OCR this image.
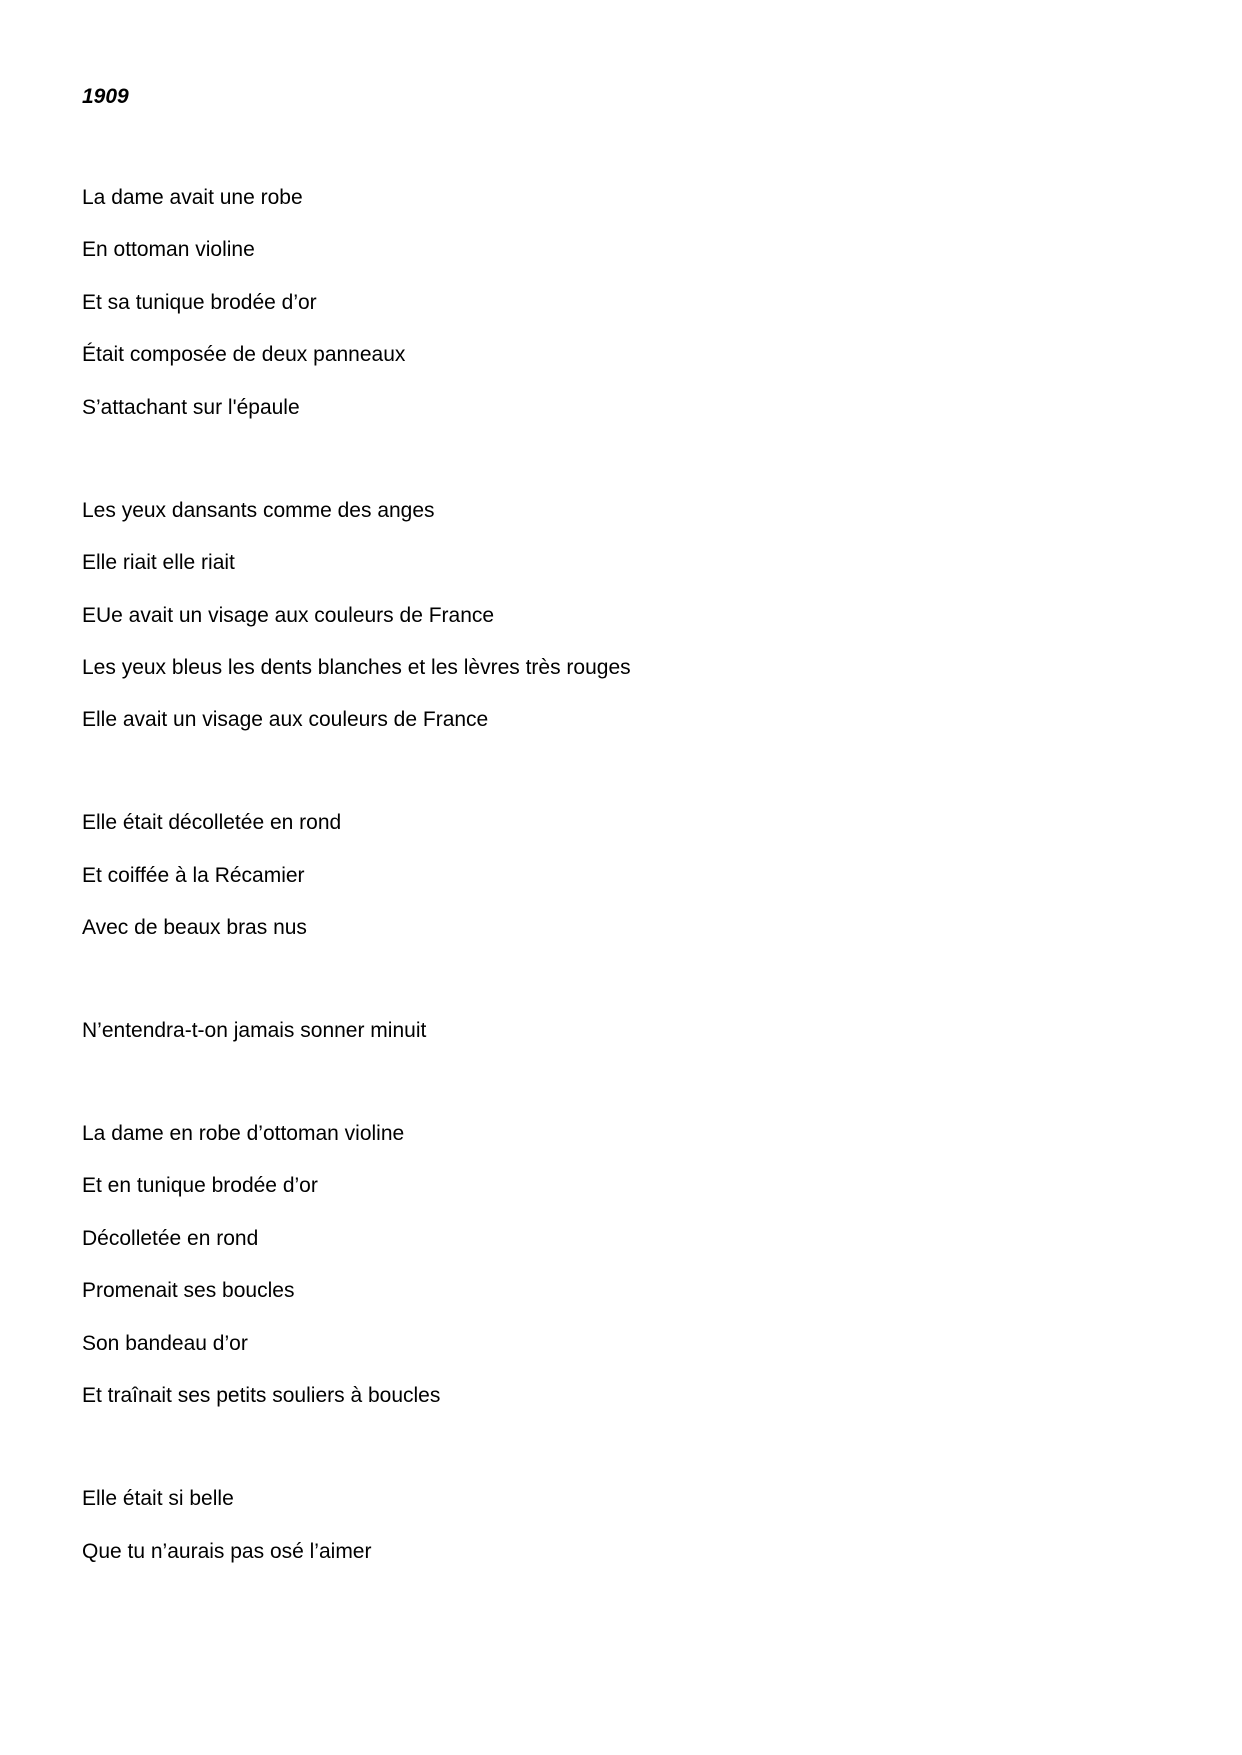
1909

La dame avait une robe

En ottoman violine

Et sa tunique brodée d’or

Était composée de deux panneaux

S’attachant sur l'épaule

Les yeux dansants comme des anges

Elle riait elle riait

EUe avait un visage aux couleurs de France

Les yeux bleus les dents blanches et les lèvres très rouges

Elle avait un visage aux couleurs de France

Elle était décolletée en rond

Et coiffée à la Récamier

Avec de beaux bras nus

N’entendra-t-on jamais sonner minuit

La dame en robe d’ottoman violine

Et en tunique brodée d’or

Décolletée en rond

Promenait ses boucles

Son bandeau d’or

Et traînait ses petits souliers à boucles

Elle était si belle

Que tu n’aurais pas osé l’aimer
